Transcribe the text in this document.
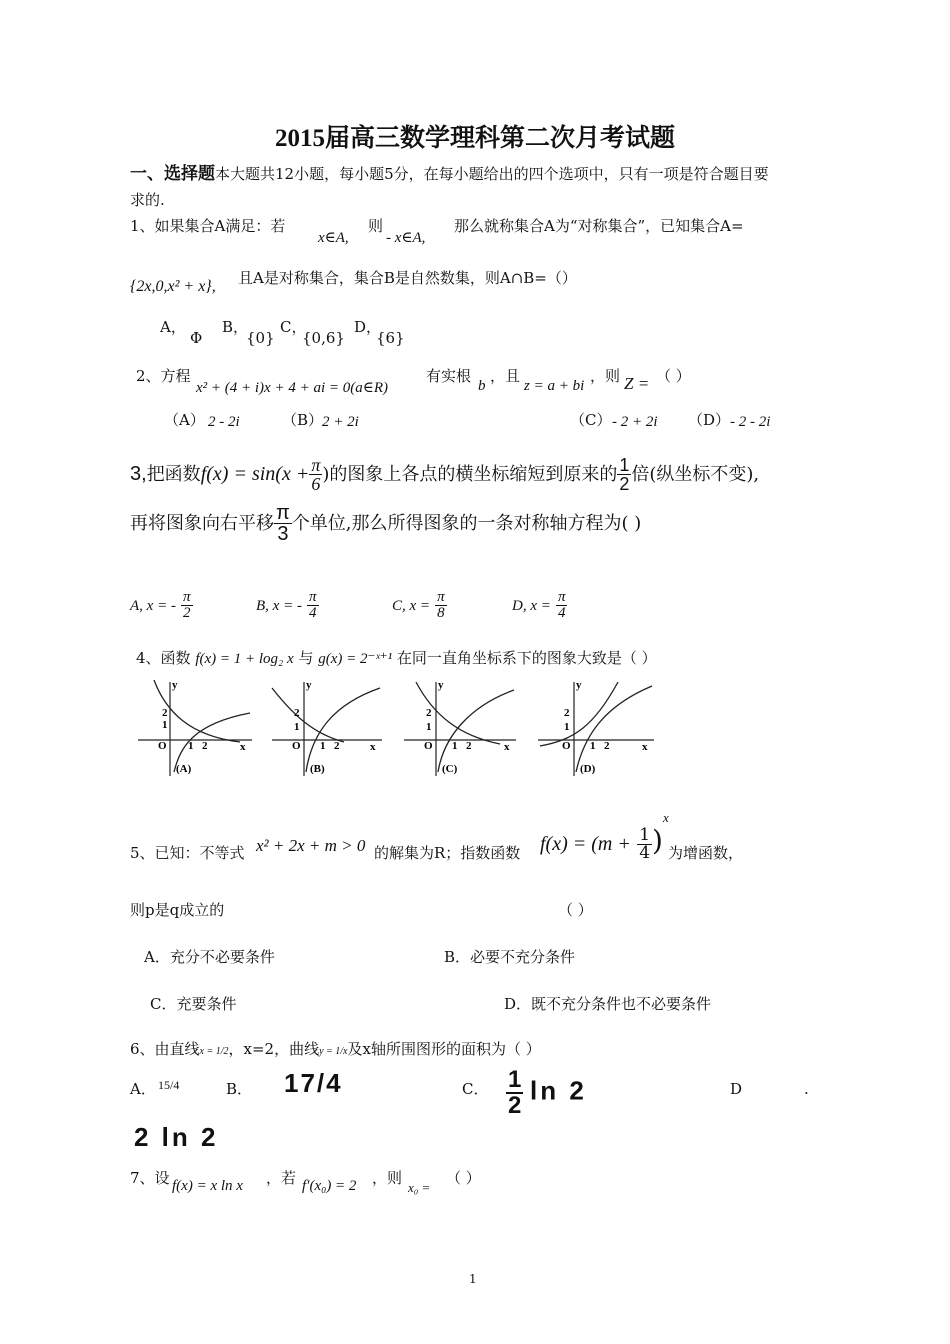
2015届高三数学理科第二次月考试题
一、选择题本大题共12小题，每小题5分，在每小题给出的四个选项中，只有一项是符合题目要
求的.
1、如果集合A满足：若
x∈A,
则
- x∈A,
那么就称集合A为“对称集合”，已知集合A=
{2x,0,x² + x}, 且A是对称集合，集合B是自然数集，则A∩B=（）
A，
Φ
B，
{0}
C，
{0,6}
D，
{6}
2、方程
x² + (4 + i)x + 4 + ai = 0(a∈R)
有实根
b
，且
z = a + bi
，则 Z = （ ）
（A） 2 - 2i	（B）
2 + 2i	（C） - 2 + 2i （D） - 2 - 2i
3,把函数$f(x) = \sin(x + \frac{\pi}{6}$ )的图象上各点的横坐标缩短到原来的 $\frac{1}{2}$ 倍(纵坐标不变),
再将图象向右平移 $\frac{\pi}{3}$ 个单位,那么所得图象的一条对称轴方程为( )
A, x = - $\frac{\pi}{2}$	B, x = - $\frac{\pi}{4}$	C, $x = \frac{\pi}{8}$	D, $x = \frac{\pi}{4}$
4、函数 f(x) = 1 + log₂ x 与 g(x) = 2⁻ˣ⁺¹ 在同一直角坐标系下的图象大致是（ ）
y
x
O 1 2
2
1
(A)
y
x
O 1 2
2
1
(B)
y
x
O 1 2
2
1
(C)
y
x
O 1 2
2
1
(D)
5、已知：不等式 x² + 2x + m > 0 的解集为R；指数函数 $f(x) = (m + \frac{1}{4} )^x$
为增函数，
则p是q成立的	（ ）
A．充分不必要条件	B．必要不充分条件
C．充要条件	D．既不充分条件也不必要条件
6、由直线x = 1/2，x=2，曲线y = 1/x及x轴所围图形的面积为（ ）
A． 15/4	B． 17/4	C． $\frac{1}{2}$ ln 2	D	.
2 ln 2
7、设 f(x) = x ln x ，若 f′(x₀) = 2 ，则
x₀ =
（ ）
1
